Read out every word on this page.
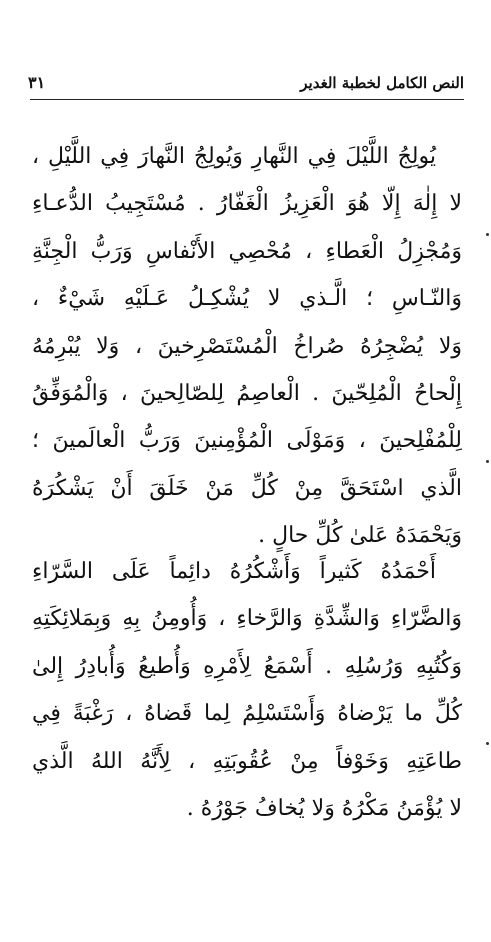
النص الكامل لخطبة الغدير
٣١
يُولِجُ اللَّيْلَ فِي النَّهارِ وَيُولِجُ النَّهارَ فِي اللَّيْلِ ،
لا إِلٰهَ إِلّا هُوَ الْعَزِيزُ الْغَفّارُ . مُسْتَجِيبُ الدُّعـاءِ
وَمُجْزِلُ الْعَطاءِ ، مُحْصِي الأَنْفاسِ وَرَبُّ الْجِنَّةِ
وَالنّـاسِ ؛ الَّـذي لا يُشْكِـلُ عَـلَيْهِ شَيْءٌ ،
وَلا يُضْجِرُهُ صُراخُ الْمُسْتَصْرِخينَ ، وَلا يُبْرِمُهُ
إِلْحاحُ الْمُلِحّينَ . الْعاصِمُ لِلصّالِحينَ ، وَالْمُوَفِّقُ
لِلْمُفْلِحينَ ، وَمَوْلَى الْمُؤْمِنينَ وَرَبُّ الْعالَمينَ ؛
الَّذي اسْتَحَقَّ مِنْ كُلِّ مَنْ خَلَقَ أَنْ يَشْكُرَهُ
وَيَحْمَدَهُ عَلىٰ كُلِّ حالٍ .
أَحْمَدُهُ كَثيراً وَأَشْكُرُهُ دائِماً عَلَى السَّرّاءِ
وَالضَّرّاءِ وَالشِّدَّةِ وَالرَّخاءِ ، وَأُومِنُ بِهِ وَبِمَلائِكَتِهِ
وَكُتُبِهِ وَرُسُلِهِ . أَسْمَعُ لِأَمْرِهِ وَأُطيعُ وَأُبادِرُ إِلىٰ
كُلِّ ما يَرْضاهُ وَأَسْتَسْلِمُ لِما قَضاهُ ، رَغْبَةً فِي
طاعَتِهِ وَخَوْفاً مِنْ عُقُوبَتِهِ ، لِأَنَّهُ اللهُ الَّذي
لا يُؤْمَنُ مَكْرُهُ وَلا يُخافُ جَوْرُهُ .
